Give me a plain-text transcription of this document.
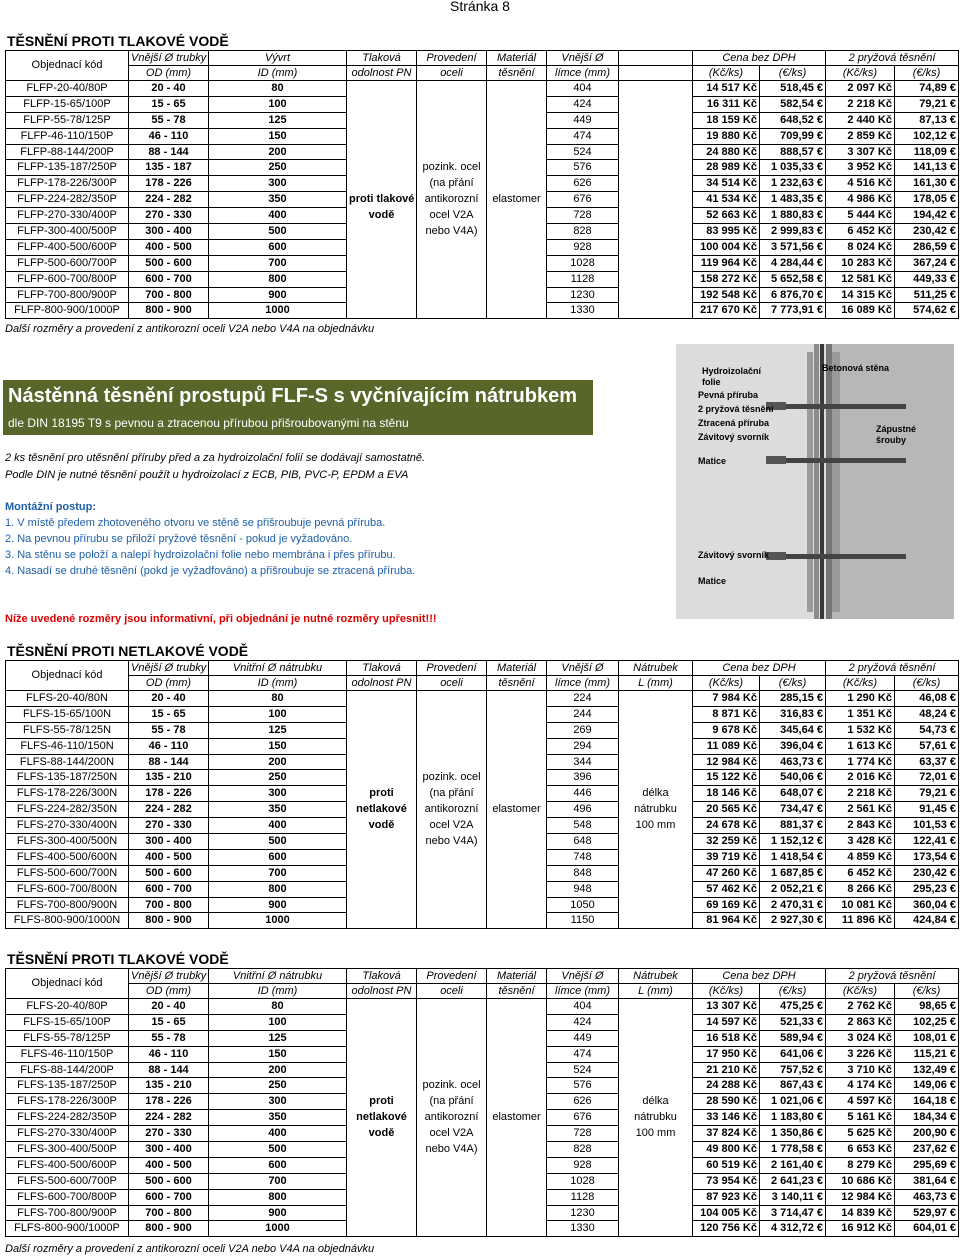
Stránka 8
TĚSNĚNÍ PROTI TLAKOVÉ VODĚ
Objednací kód	Vnější Ø trubky	Vývrt	Tlaková	Provedení	Materiál	Vnější Ø		Cena bez DPH		2 pryžová těsnění	
	OD (mm)	ID (mm)	odolnost PN	oceli	těsnění	límce (mm)		(Kč/ks)	(€/ks)	(Kč/ks)	(€/ks)
FLFP-20-40/80P	20 - 40	80				404		14 517 Kč	518,45 €	2 097 Kč	74,89 €
FLFP-15-65/100P	15 - 65	100				424		16 311 Kč	582,54 €	2 218 Kč	79,21 €
FLFP-55-78/125P	55 - 78	125				449		18 159 Kč	648,52 €	2 440 Kč	87,13 €
FLFP-46-110/150P	46 - 110	150				474		19 880 Kč	709,99 €	2 859 Kč	102,12 €
FLFP-88-144/200P	88 - 144	200				524		24 880 Kč	888,57 €	3 307 Kč	118,09 €
FLFP-135-187/250P	135 - 187	250		pozink. ocel		576		28 989 Kč	1 035,33 €	3 952 Kč	141,13 €
FLFP-178-226/300P	178 - 226	300		(na přání		626		34 514 Kč	1 232,63 €	4 516 Kč	161,30 €
FLFP-224-282/350P	224 - 282	350	proti tlakové	antikorozní	elastomer	676		41 534 Kč	1 483,35 €	4 986 Kč	178,05 €
FLFP-270-330/400P	270 - 330	400	vodě	ocel V2A		728		52 663 Kč	1 880,83 €	5 444 Kč	194,42 €
FLFP-300-400/500P	300 - 400	500		nebo V4A)		828		83 995 Kč	2 999,83 €	6 452 Kč	230,42 €
FLFP-400-500/600P	400 - 500	600				928		100 004 Kč	3 571,56 €	8 024 Kč	286,59 €
FLFP-500-600/700P	500 - 600	700				1028		119 964 Kč	4 284,44 €	10 283 Kč	367,24 €
FLFP-600-700/800P	600 - 700	800				1128		158 272 Kč	5 652,58 €	12 581 Kč	449,33 €
FLFP-700-800/900P	700 - 800	900				1230		192 548 Kč	6 876,70 €	14 315 Kč	511,25 €
FLFP-800-900/1000P	800 - 900	1000				1330		217 670 Kč	7 773,91 €	16 089 Kč	574,62 €
Další rozměry a provedení z antikorozní oceli V2A nebo V4A na objednávku
Nástěnná těsnění prostupů FLF-S s vyčnívajícím nátrubkem
dle DIN 18195 T9 s pevnou a ztracenou přírubou přišroubovanými na stěnu
2 ks těsnění pro utěsnění příruby před a za hydroizolační folií se dodávají samostatně.
Podle DIN je nutné těsnění použít u hydroizolací z ECB, PIB, PVC-P, EPDM a EVA
Montážní postup:
1. V místě předem zhotoveného otvoru ve stěně se přišroubuje pevná příruba.
2. Na pevnou přírubu se přiloží pryžové těsnění - pokud je vyžadováno.
3. Na stěnu se položí a nalepí hydroizolační folie nebo membrána i přes přírubu.
4. Nasadí se druhé těsnění (pokd je vyžadfováno) a přišroubuje se ztracená příruba.
Níže uvedené rozměry jsou informativní, při objednání je nutné rozměry upřesnit!!!
Hydroizolační
folie
Pevná příruba
2 pryžová těsnění
Ztracená příruba
Závitový svorník
Matice
Betonová stěna
Zápustné
šrouby
Závitový svorník
Matice
TĚSNĚNÍ PROTI NETLAKOVÉ VODĚ
Objednací kód	Vnější Ø trubky	Vnitřní Ø nátrubku	Tlaková	Provedení	Materiál	Vnější Ø	Nátrubek	Cena bez DPH		2 pryžová těsnění	
	OD (mm)	ID (mm)	odolnost PN	oceli	těsnění	límce (mm)	L (mm)	(Kč/ks)	(€/ks)	(Kč/ks)	(€/ks)
FLFS-20-40/80N	20 - 40	80				224		7 984 Kč	285,15 €	1 290 Kč	46,08 €
FLFS-15-65/100N	15 - 65	100				244		8 871 Kč	316,83 €	1 351 Kč	48,24 €
FLFS-55-78/125N	55 - 78	125				269		9 678 Kč	345,64 €	1 532 Kč	54,73 €
FLFS-46-110/150N	46 - 110	150				294		11 089 Kč	396,04 €	1 613 Kč	57,61 €
FLFS-88-144/200N	88 - 144	200				344		12 984 Kč	463,73 €	1 774 Kč	63,37 €
FLFS-135-187/250N	135 - 210	250		pozink. ocel		396		15 122 Kč	540,06 €	2 016 Kč	72,01 €
FLFS-178-226/300N	178 - 226	300	proti	(na přání		446	délka	18 146 Kč	648,07 €	2 218 Kč	79,21 €
FLFS-224-282/350N	224 - 282	350	netlakové	antikorozní	elastomer	496	nátrubku	20 565 Kč	734,47 €	2 561 Kč	91,45 €
FLFS-270-330/400N	270 - 330	400	vodě	ocel V2A		548	100 mm	24 678 Kč	881,37 €	2 843 Kč	101,53 €
FLFS-300-400/500N	300 - 400	500		nebo V4A)		648		32 259 Kč	1 152,12 €	3 428 Kč	122,41 €
FLFS-400-500/600N	400 - 500	600				748		39 719 Kč	1 418,54 €	4 859 Kč	173,54 €
FLFS-500-600/700N	500 - 600	700				848		47 260 Kč	1 687,85 €	6 452 Kč	230,42 €
FLFS-600-700/800N	600 - 700	800				948		57 462 Kč	2 052,21 €	8 266 Kč	295,23 €
FLFS-700-800/900N	700 - 800	900				1050		69 169 Kč	2 470,31 €	10 081 Kč	360,04 €
FLFS-800-900/1000N	800 - 900	1000				1150		81 964 Kč	2 927,30 €	11 896 Kč	424,84 €
TĚSNĚNÍ PROTI TLAKOVÉ VODĚ
Objednací kód	Vnější Ø trubky	Vnitřní Ø nátrubku	Tlaková	Provedení	Materiál	Vnější Ø	Nátrubek	Cena bez DPH		2 pryžová těsnění	
	OD (mm)	ID (mm)	odolnost PN	oceli	těsnění	límce (mm)	L (mm)	(Kč/ks)	(€/ks)	(Kč/ks)	(€/ks)
FLFS-20-40/80P	20 - 40	80				404		13 307 Kč	475,25 €	2 762 Kč	98,65 €
FLFS-15-65/100P	15 - 65	100				424		14 597 Kč	521,33 €	2 863 Kč	102,25 €
FLFS-55-78/125P	55 - 78	125				449		16 518 Kč	589,94 €	3 024 Kč	108,01 €
FLFS-46-110/150P	46 - 110	150				474		17 950 Kč	641,06 €	3 226 Kč	115,21 €
FLFS-88-144/200P	88 - 144	200				524		21 210 Kč	757,52 €	3 710 Kč	132,49 €
FLFS-135-187/250P	135 - 210	250		pozink. ocel		576		24 288 Kč	867,43 €	4 174 Kč	149,06 €
FLFS-178-226/300P	178 - 226	300	proti	(na přání		626	délka	28 590 Kč	1 021,06 €	4 597 Kč	164,18 €
FLFS-224-282/350P	224 - 282	350	netlakové	antikorozní	elastomer	676	nátrubku	33 146 Kč	1 183,80 €	5 161 Kč	184,34 €
FLFS-270-330/400P	270 - 330	400	vodě	ocel V2A		728	100 mm	37 824 Kč	1 350,86 €	5 625 Kč	200,90 €
FLFS-300-400/500P	300 - 400	500		nebo V4A)		828		49 800 Kč	1 778,58 €	6 653 Kč	237,62 €
FLFS-400-500/600P	400 - 500	600				928		60 519 Kč	2 161,40 €	8 279 Kč	295,69 €
FLFS-500-600/700P	500 - 600	700				1028		73 954 Kč	2 641,23 €	10 686 Kč	381,64 €
FLFS-600-700/800P	600 - 700	800				1128		87 923 Kč	3 140,11 €	12 984 Kč	463,73 €
FLFS-700-800/900P	700 - 800	900				1230		104 005 Kč	3 714,47 €	14 839 Kč	529,97 €
FLFS-800-900/1000P	800 - 900	1000				1330		120 756 Kč	4 312,72 €	16 912 Kč	604,01 €
Další rozměry a provedení z antikorozní oceli V2A nebo V4A na objednávku
